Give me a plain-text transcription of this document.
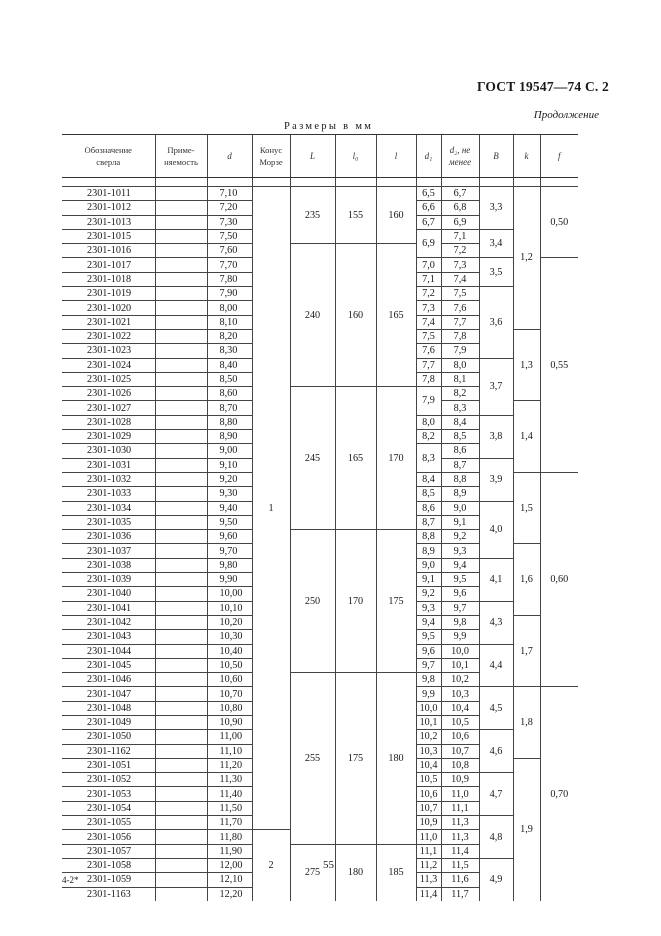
ГОСТ 19547—74 С. 2
Продолжение
Размеры в мм
Обозначение
сверла	Приме-
няемость	d	Конус
Морзе	L	l₀	l	d₁	d₂, не
менее	B	k	f

2301-1011		7,10	1	235	155	160	6,5	6,7	3,3	1,2	0,50
2301-1012		7,20					6,6	6,8			
2301-1013		7,30					6,7	6,9			
2301-1015		7,50					6,9	7,1	3,4		
2301-1016		7,60		240	160	165		7,2			
2301-1017		7,70					7,0	7,3	3,5		0,55
2301-1018		7,80					7,1	7,4			
2301-1019		7,90					7,2	7,5	3,6		
2301-1020		8,00					7,3	7,6			
2301-1021		8,10					7,4	7,7			
2301-1022		8,20					7,5	7,8		1,3	
2301-1023		8,30					7,6	7,9			
2301-1024		8,40					7,7	8,0	3,7		
2301-1025		8,50					7,8	8,1			
2301-1026		8,60		245	165	170	7,9	8,2			
2301-1027		8,70						8,3		1,4	
2301-1028		8,80					8,0	8,4	3,8		
2301-1029		8,90					8,2	8,5			
2301-1030		9,00					8,3	8,6			
2301-1031		9,10						8,7	3,9		
2301-1032		9,20					8,4	8,8		1,5	0,60
2301-1033		9,30					8,5	8,9			
2301-1034		9,40					8,6	9,0	4,0		
2301-1035		9,50					8,7	9,1			
2301-1036		9,60		250	170	175	8,8	9,2			
2301-1037		9,70					8,9	9,3		1,6	
2301-1038		9,80					9,0	9,4	4,1		
2301-1039		9,90					9,1	9,5			
2301-1040		10,00					9,2	9,6			
2301-1041		10,10					9,3	9,7	4,3		
2301-1042		10,20					9,4	9,8		1,7	
2301-1043		10,30					9,5	9,9			
2301-1044		10,40					9,6	10,0	4,4		
2301-1045		10,50					9,7	10,1			
2301-1046		10,60		255	175	180	9,8	10,2			
2301-1047		10,70					9,9	10,3	4,5	1,8	0,70
2301-1048		10,80					10,0	10,4			
2301-1049		10,90					10,1	10,5			
2301-1050		11,00					10,2	10,6	4,6		
2301-1162		11,10					10,3	10,7			
2301-1051		11,20					10,4	10,8		1,9	
2301-1052		11,30					10,5	10,9	4,7		
2301-1053		11,40					10,6	11,0			
2301-1054		11,50					10,7	11,1			
2301-1055		11,70					10,9	11,3	4,8		
2301-1056		11,80	2				11,0	11,3			
2301-1057		11,90		275	180	185	11,1	11,4			
2301-1058		12,00					11,2	11,5	4,9		
2301-1059		12,10					11,3	11,6			
2301-1163		12,20					11,4	11,7			
4-2*
55
